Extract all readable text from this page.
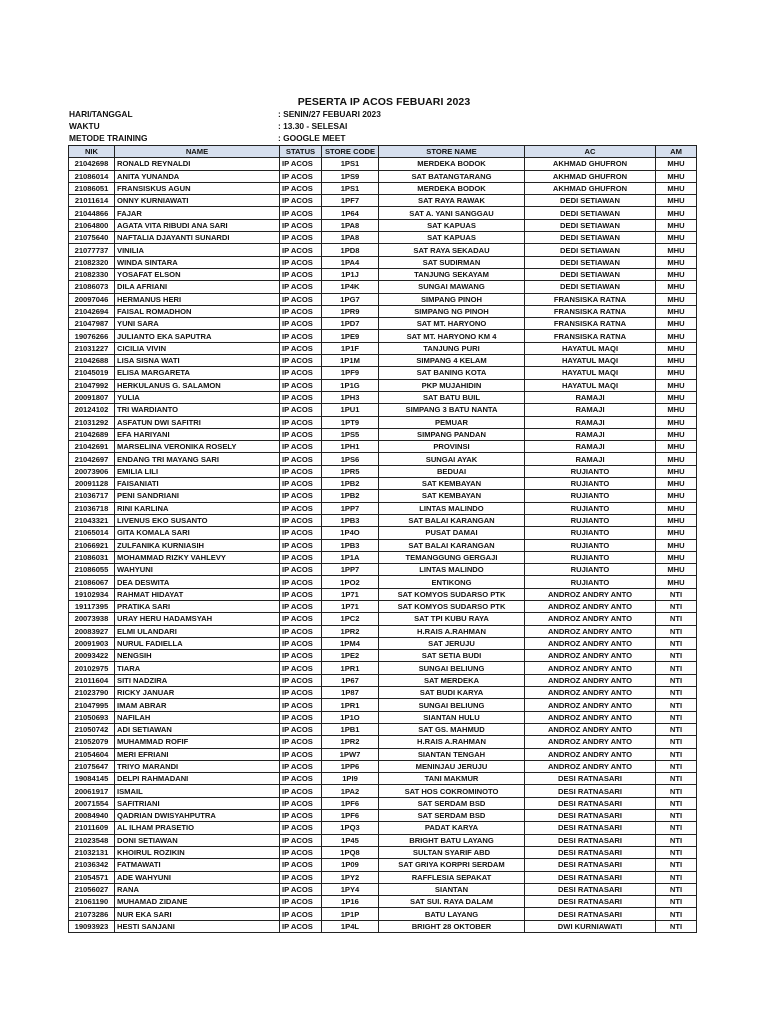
PESERTA IP ACOS FEBUARI 2023
HARI/TANGGAL	: SENIN/27 FEBUARI 2023
WAKTU	: 13.30 - SELESAI
METODE TRAINING	: GOOGLE MEET
NIK	NAME	STATUS	STORE CODE	STORE NAME	AC	AM
21042698	RONALD REYNALDI	IP ACOS	1PS1	MERDEKA BODOK	AKHMAD GHUFRON	MHU
21086014	ANITA YUNANDA	IP ACOS	1PS9	SAT BATANGTARANG	AKHMAD GHUFRON	MHU
21086051	FRANSISKUS AGUN	IP ACOS	1PS1	MERDEKA BODOK	AKHMAD GHUFRON	MHU
21011614	ONNY KURNIAWATI	IP ACOS	1PF7	SAT RAYA RAWAK	DEDI SETIAWAN	MHU
21044866	FAJAR	IP ACOS	1P64	SAT A. YANI SANGGAU	DEDI SETIAWAN	MHU
21064800	AGATA VITA RIBUDI ANA SARI	IP ACOS	1PA8	SAT KAPUAS	DEDI SETIAWAN	MHU
21075640	NAFTALIA DJAYANTI SUNARDI	IP ACOS	1PA8	SAT KAPUAS	DEDI SETIAWAN	MHU
21077737	VINILIA	IP ACOS	1PD8	SAT RAYA SEKADAU	DEDI SETIAWAN	MHU
21082320	WINDA SINTARA	IP ACOS	1PA4	SAT SUDIRMAN	DEDI SETIAWAN	MHU
21082330	YOSAFAT ELSON	IP ACOS	1P1J	TANJUNG SEKAYAM	DEDI SETIAWAN	MHU
21086073	DILA AFRIANI	IP ACOS	1P4K	SUNGAI MAWANG	DEDI SETIAWAN	MHU
20097046	HERMANUS HERI	IP ACOS	1PG7	SIMPANG PINOH	FRANSISKA RATNA	MHU
21042694	FAISAL ROMADHON	IP ACOS	1PR9	SIMPANG NG PINOH	FRANSISKA RATNA	MHU
21047987	YUNI SARA	IP ACOS	1PD7	SAT MT. HARYONO	FRANSISKA RATNA	MHU
19076266	JULIANTO EKA SAPUTRA	IP ACOS	1PE9	SAT MT. HARYONO KM 4	FRANSISKA RATNA	MHU
21031227	CICILIA VIVIN	IP ACOS	1P1F	TANJUNG PURI	HAYATUL MAQI	MHU
21042688	LISA SISNA WATI	IP ACOS	1P1M	SIMPANG 4 KELAM	HAYATUL MAQI	MHU
21045019	ELISA MARGARETA	IP ACOS	1PF9	SAT BANING KOTA	HAYATUL MAQI	MHU
21047992	HERKULANUS G. SALAMON	IP ACOS	1P1G	PKP MUJAHIDIN	HAYATUL MAQI	MHU
20091807	YULIA	IP ACOS	1PH3	SAT BATU BUIL	RAMAJI	MHU
20124102	TRI WARDIANTO	IP ACOS	1PU1	SIMPANG 3 BATU NANTA	RAMAJI	MHU
21031292	ASFATUN DWI SAFITRI	IP ACOS	1PT9	PEMUAR	RAMAJI	MHU
21042689	EFA HARIYANI	IP ACOS	1PS5	SIMPANG PANDAN	RAMAJI	MHU
21042691	MARSELINA VERONIKA ROSELY	IP ACOS	1PH1	PROVINSI	RAMAJI	MHU
21042697	ENDANG TRI MAYANG SARI	IP ACOS	1PS6	SUNGAI AYAK	RAMAJI	MHU
20073906	EMILIA LILI	IP ACOS	1PR5	BEDUAI	RUJIANTO	MHU
20091128	FAISANIATI	IP ACOS	1PB2	SAT KEMBAYAN	RUJIANTO	MHU
21036717	PENI SANDRIANI	IP ACOS	1PB2	SAT KEMBAYAN	RUJIANTO	MHU
21036718	RINI KARLINA	IP ACOS	1PP7	LINTAS MALINDO	RUJIANTO	MHU
21043321	LIVENUS EKO SUSANTO	IP ACOS	1PB3	SAT BALAI KARANGAN	RUJIANTO	MHU
21065014	GITA KOMALA SARI	IP ACOS	1P4O	PUSAT DAMAI	RUJIANTO	MHU
21066921	ZULFANIKA KURNIASIH	IP ACOS	1PB3	SAT BALAI KARANGAN	RUJIANTO	MHU
21086031	MOHAMMAD RIZKY VAHLEVY	IP ACOS	1P1A	TEMANGGUNG GERGAJI	RUJIANTO	MHU
21086055	WAHYUNI	IP ACOS	1PP7	LINTAS MALINDO	RUJIANTO	MHU
21086067	DEA DESWITA	IP ACOS	1PO2	ENTIKONG	RUJIANTO	MHU
19102934	RAHMAT HIDAYAT	IP ACOS	1P71	SAT KOMYOS SUDARSO PTK	ANDROZ ANDRY ANTO	NTI
19117395	PRATIKA SARI	IP ACOS	1P71	SAT KOMYOS SUDARSO PTK	ANDROZ ANDRY ANTO	NTI
20073938	URAY HERU HADAMSYAH	IP ACOS	1PC2	SAT TPI KUBU RAYA	ANDROZ ANDRY ANTO	NTI
20083927	ELMI ULANDARI	IP ACOS	1PR2	H.RAIS A.RAHMAN	ANDROZ ANDRY ANTO	NTI
20091903	NURUL FADIELLA	IP ACOS	1PM4	SAT JERUJU	ANDROZ ANDRY ANTO	NTI
20093422	NENGSIH	IP ACOS	1PE2	SAT SETIA BUDI	ANDROZ ANDRY ANTO	NTI
20102975	TIARA	IP ACOS	1PR1	SUNGAI BELIUNG	ANDROZ ANDRY ANTO	NTI
21011604	SITI NADZIRA	IP ACOS	1P67	SAT MERDEKA	ANDROZ ANDRY ANTO	NTI
21023790	RICKY JANUAR	IP ACOS	1P87	SAT BUDI KARYA	ANDROZ ANDRY ANTO	NTI
21047995	IMAM ABRAR	IP ACOS	1PR1	SUNGAI BELIUNG	ANDROZ ANDRY ANTO	NTI
21050693	NAFILAH	IP ACOS	1P1O	SIANTAN HULU	ANDROZ ANDRY ANTO	NTI
21050742	ADI SETIAWAN	IP ACOS	1PB1	SAT GS. MAHMUD	ANDROZ ANDRY ANTO	NTI
21052079	MUHAMMAD ROFIF	IP ACOS	1PR2	H.RAIS A.RAHMAN	ANDROZ ANDRY ANTO	NTI
21054604	MERI EFRIANI	IP ACOS	1PW7	SIANTAN TENGAH	ANDROZ ANDRY ANTO	NTI
21075647	TRIYO MARANDI	IP ACOS	1PP6	MENINJAU JERUJU	ANDROZ ANDRY ANTO	NTI
19084145	DELPI RAHMADANI	IP ACOS	1PI9	TANI MAKMUR	DESI RATNASARI	NTI
20061917	ISMAIL	IP ACOS	1PA2	SAT HOS COKROMINOTO	DESI RATNASARI	NTI
20071554	SAFITRIANI	IP ACOS	1PF6	SAT SERDAM BSD	DESI RATNASARI	NTI
20084940	QADRIAN DWISYAHPUTRA	IP ACOS	1PF6	SAT SERDAM BSD	DESI RATNASARI	NTI
21011609	AL ILHAM PRASETIO	IP ACOS	1PQ3	PADAT KARYA	DESI RATNASARI	NTI
21023548	DONI SETIAWAN	IP ACOS	1P45	BRIGHT BATU LAYANG	DESI RATNASARI	NTI
21032131	KHOIRUL ROZIKIN	IP ACOS	1PQ8	SULTAN SYARIF ABD	DESI RATNASARI	NTI
21036342	FATMAWATI	IP ACOS	1P09	SAT GRIYA KORPRI SERDAM	DESI RATNASARI	NTI
21054571	ADE WAHYUNI	IP ACOS	1PY2	RAFFLESIA SEPAKAT	DESI RATNASARI	NTI
21056027	RANA	IP ACOS	1PY4	SIANTAN	DESI RATNASARI	NTI
21061190	MUHAMAD ZIDANE	IP ACOS	1P16	SAT SUI. RAYA DALAM	DESI RATNASARI	NTI
21073286	NUR EKA SARI	IP ACOS	1P1P	BATU LAYANG	DESI RATNASARI	NTI
19093923	HESTI SANJANI	IP ACOS	1P4L	BRIGHT 28 OKTOBER	DWI KURNIAWATI	NTI
